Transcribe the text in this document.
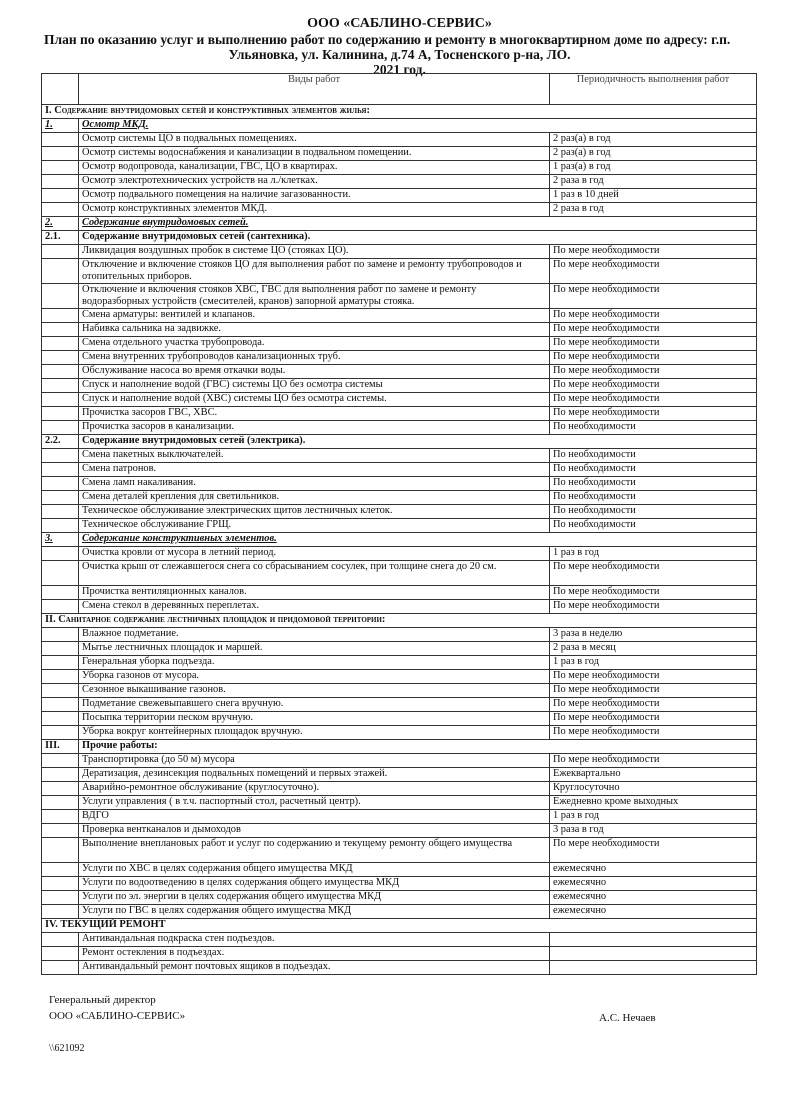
ООО «САБЛИНО-СЕРВИС»
План по оказанию услуг и выполнению работ по содержанию и ремонту в многоквартирном доме по адресу: г.п.
Ульяновка, ул. Калинина, д.74 А, Тосненского р-на, ЛО.
2021 год.
	Виды работ	Периодичность выполнения работ
I. Содержание внутридомовых сетей и конструктивных элементов жилья:		
1.	Осмотр МКД.	
	Осмотр системы ЦО в подвальных помещениях.	2 раз(а) в год
	Осмотр системы водоснабжения и канализации в подвальном помещении.	2 раз(а) в год
	Осмотр водопровода, канализации, ГВС, ЦО в квартирах.	1 раз(а) в год
	Осмотр электротехнических устройств на л./клетках.	2 раза в год
	Осмотр подвального помещения на наличие загазованности.	1 раз в 10 дней
	Осмотр конструктивных элементов МКД.	2 раза в год
2.	Содержание внутридомовых сетей.	
2.1.	Содержание внутридомовых сетей (сантехника).	
	Ликвидация воздушных пробок в системе ЦО (стояках ЦО).	По мере необходимости
	Отключение и включение стояков ЦО для выполнения работ по замене и ремонту трубопроводов и отопительных приборов.	По мере необходимости
	Отключение и включения стояков ХВС, ГВС для выполнения работ по замене и ремонту водоразборных устройств (смесителей, кранов) запорной арматуры стояка.	По мере необходимости
	Смена арматуры: вентилей и клапанов.	По мере необходимости
	Набивка сальника на задвижке.	По мере необходимости
	Смена отдельного участка трубопровода.	По мере необходимости
	Смена внутренних трубопроводов канализационных труб.	По мере необходимости
	Обслуживание насоса во время откачки воды.	По мере необходимости
	Спуск и наполнение водой (ГВС) системы ЦО без осмотра системы	По мере необходимости
	Спуск и наполнение водой (ХВС) системы ЦО без осмотра системы.	По мере необходимости
	Прочистка засоров ГВС, ХВС.	По мере необходимости
	Прочистка засоров в канализации.	По необходимости
2.2.	Содержание внутридомовых сетей (электрика).	
	Смена пакетных выключателей.	По необходимости
	Смена патронов.	По необходимости
	Смена ламп накаливания.	По необходимости
	Смена деталей крепления для светильников.	По необходимости
	Техническое обслуживание электрических щитов лестничных клеток.	По необходимости
	Техническое обслуживание ГРЩ.	По необходимости
3.	Содержание конструктивных элементов.	
	Очистка кровли от мусора в летний период.	1 раз в год
	Очистка крыш от слежавшегося снега со сбрасыванием сосулек, при толщине снега до 20 см.	По мере необходимости
	Прочистка вентиляционных каналов.	По мере необходимости
	Смена стекол в деревянных переплетах.	По мере необходимости
II. Санитарное содержание лестничных площадок и придомовой территории:		
	Влажное подметание.	3 раза в неделю
	Мытье лестничных площадок и маршей.	2 раза в месяц
	Генеральная уборка подъезда.	1 раз в год
	Уборка газонов от мусора.	По мере необходимости
	Сезонное выкашивание газонов.	По мере необходимости
	Подметание свежевыпавшего снега вручную.	По мере необходимости
	Посыпка территории песком вручную.	По мере необходимости
	Уборка вокруг контейнерных площадок вручную.	По мере необходимости
III.	Прочие работы:	
	Транспортировка (до 50 м) мусора	По мере необходимости
	Дератизация, дезинсекция подвальных помещений и первых этажей.	Ежеквартально
	Аварийно-ремонтное обслуживание (круглосуточно).	Круглосуточно
	Услуги управления ( в т.ч. паспортный стол, расчетный центр).	Ежедневно кроме выходных
	ВДГО	1 раз в год
	Проверка вентканалов и дымоходов	3 раза в год
	Выполнение внеплановых работ и услуг по содержанию и текущему ремонту общего имущества	По мере необходимости
	Услуги по ХВС в целях содержания общего имущества МКД	ежемесячно
	Услуги по водоотведению в целях содержания общего имущества МКД	ежемесячно
	Услуги по эл. энергии в целях содержания общего имущества МКД	ежемесячно
	Услуги по ГВС в целях содержания общего имущества МКД	ежемесячно
IV. ТЕКУЩИЙ РЕМОНТ		
	Антивандальная подкраска стен подъездов.	
	Ремонт остекления в подъездах.	
	Антивандальный ремонт почтовых ящиков в подъездах.	
Генеральный директор
ООО «САБЛИНО-СЕРВИС»	А.С. Нечаев
\\621092
